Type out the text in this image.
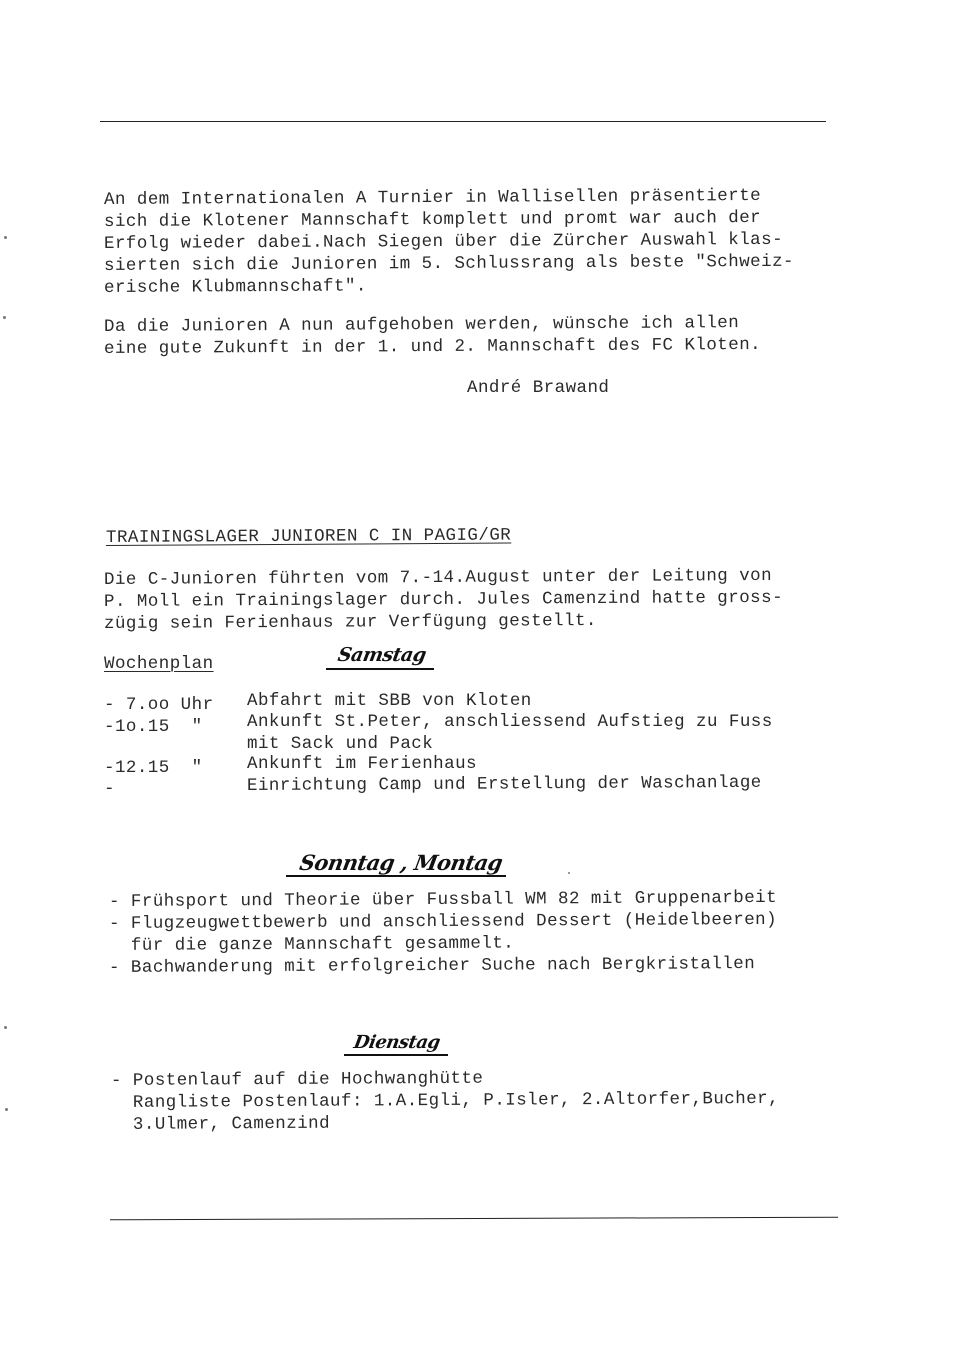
An dem Internationalen A Turnier in Wallisellen präsentierte
sich die Klotener Mannschaft komplett und promt war auch der
Erfolg wieder dabei.Nach Siegen über die Zürcher Auswahl klas-
sierten sich die Junioren im 5. Schlussrang als beste "Schweiz-
erische Klubmannschaft".
Da die Junioren A nun aufgehoben werden, wünsche ich allen
eine gute Zukunft in der 1. und 2. Mannschaft des FC Kloten.
André Brawand
TRAININGSLAGER JUNIOREN C IN PAGIG/GR
Die C-Junioren führten vom 7.-14.August unter der Leitung von
P. Moll ein Trainingslager durch. Jules Camenzind hatte gross-
zügig sein Ferienhaus zur Verfügung gestellt.
Wochenplan	Samstag
- 7.oo Uhr Abfahrt mit SBB von Kloten
-1o.15  "	Ankunft St.Peter, anschliessend Aufstieg zu Fuss
mit Sack und Pack
-12.15  "	Ankunft im Ferienhaus
-	Einrichtung Camp und Erstellung der Waschanlage
Sonntag , Montag
- Frühsport und Theorie über Fussball WM 82 mit Gruppenarbeit
- Flugzeugwettbewerb und anschliessend Dessert (Heidelbeeren)
für die ganze Mannschaft gesammelt.
- Bachwanderung mit erfolgreicher Suche nach Bergkristallen
Dienstag
- Postenlauf auf die Hochwanghütte
Rangliste Postenlauf: 1.A.Egli, P.Isler, 2.Altorfer,Bucher,
3.Ulmer, Camenzind
